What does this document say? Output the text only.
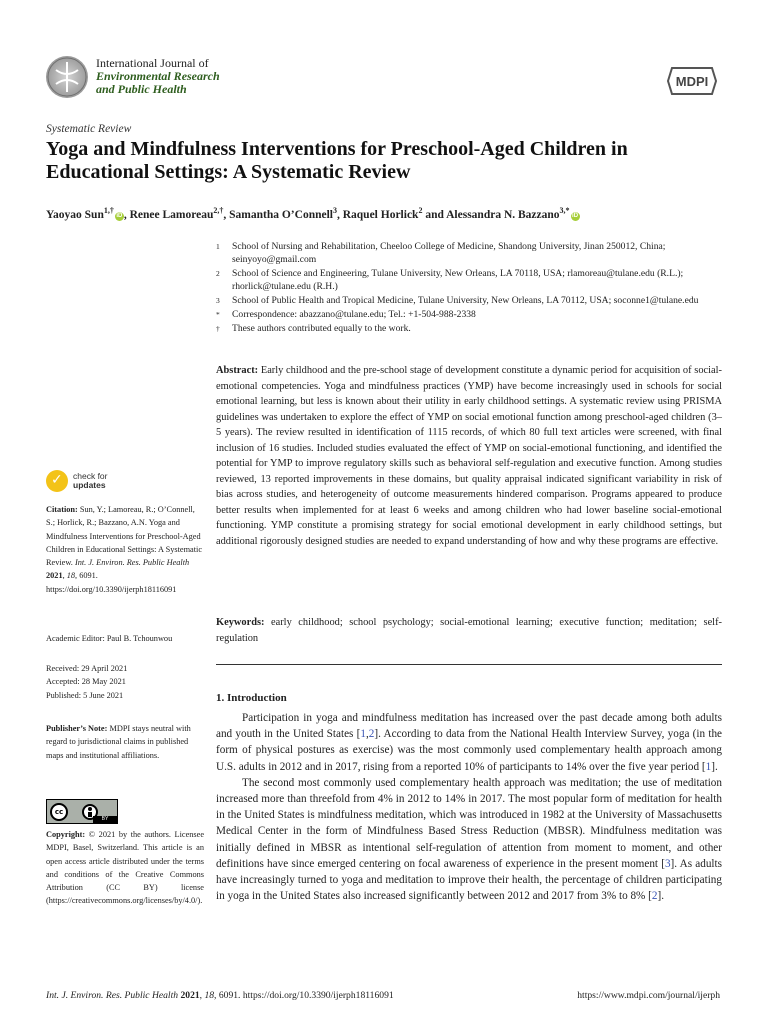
International Journal of
Environmental Research
and Public Health	MDPI
Systematic Review
Yoga and Mindfulness Interventions for Preschool-Aged Children in Educational Settings: A Systematic Review
Yaoyao Sun$^{1,\dagger}$iD , Renee Lamoreau$^{2,\dagger}$, Samantha O’Connell$^3$, Raquel Horlick$^2$ and Alessandra N. Bazzano$^{3,*}$iD
1	School of Nursing and Rehabilitation, Cheeloo College of Medicine, Shandong University, Jinan 250012, China; seinyoyo@gmail.com
2	School of Science and Engineering, Tulane University, New Orleans, LA 70118, USA; rlamoreau@tulane.edu (R.L.); rhorlick@tulane.edu (R.H.)
3	School of Public Health and Tropical Medicine, Tulane University, New Orleans, LA 70112, USA; soconne1@tulane.edu
*	Correspondence: abazzano@tulane.edu; Tel.: +1-504-988-2338
†	These authors contributed equally to the work.
Abstract: Early childhood and the pre-school stage of development constitute a dynamic period for acquisition of social-emotional competencies. Yoga and mindfulness practices (YMP) have become increasingly used in schools for social emotional learning, but less is known about their utility in early childhood settings. A systematic review using PRISMA guidelines was undertaken to explore the effect of YMP on social emotional function among preschool-aged children (3–5 years). The review resulted in identification of 1115 records, of which 80 full text articles were screened, with final inclusion of 16 studies. Included studies evaluated the effect of YMP on social-emotional functioning, and identified the potential for YMP to improve regulatory skills such as behavioral self-regulation and executive function. Among studies reviewed, 13 reported improvements in these domains, but quality appraisal indicated significant variability in risk of bias across studies, and heterogeneity of outcome measurements hindered comparison. Programs appeared to produce better results when implemented for at least 6 weeks and among children who had lower baseline social-emotional functioning. YMP constitute a promising strategy for social emotional development in early childhood settings, but additional rigorously designed studies are needed to expand understanding of how and why these programs are effective.
Keywords: early childhood; school psychology; social-emotional learning; executive function; meditation; self-regulation
1. Introduction

Participation in yoga and mindfulness meditation has increased over the past decade among both adults and youth in the United States [1,2]. According to data from the National Health Interview Survey, yoga (in the form of physical postures as exercise) was the most commonly used complementary health approach among U.S. adults in 2012 and in 2017, rising from a reported 10% of participants to 14% over the five year period [1].

The second most commonly used complementary health approach was meditation; the use of meditation increased more than threefold from 4% in 2012 to 14% in 2017. The most popular form of meditation for health in the United States is mindfulness meditation, which was introduced in 1982 at the University of Massachusetts Medical Center in the form of Mindfulness Based Stress Reduction (MBSR). Mindfulness meditation was initially defined in MBSR as intentional self-regulation of attention from moment to moment, and other definitions have since emerged centering on focal awareness of experience in the present moment [3]. As adults have increasingly turned to yoga and meditation to improve their health, the percentage of children participating in yoga in the United States also increased significantly between 2012 and 2017 from 3% to 8% [2].

✓
check for
updates
Citation: Sun, Y.; Lamoreau, R.; O’Connell, S.; Horlick, R.; Bazzano, A.N. Yoga and Mindfulness Interventions for Preschool-Aged Children in Educational Settings: A Systematic Review. Int. J. Environ. Res. Public Health 2021, 18, 6091. https://doi.org/10.3390/ijerph18116091
Academic Editor: Paul B. Tchounwou
Received: 29 April 2021
Accepted: 28 May 2021
Published: 5 June 2021
Publisher’s Note: MDPI stays neutral with regard to jurisdictional claims in published maps and institutional affiliations.
cc
BY
Copyright: © 2021 by the authors. Licensee MDPI, Basel, Switzerland. This article is an open access article distributed under the terms and conditions of the Creative Commons Attribution (CC BY) license (https://creativecommons.org/licenses/by/4.0/).
Int. J. Environ. Res. Public Health 2021, 18, 6091. https://doi.org/10.3390/ijerph18116091	https://www.mdpi.com/journal/ijerph
